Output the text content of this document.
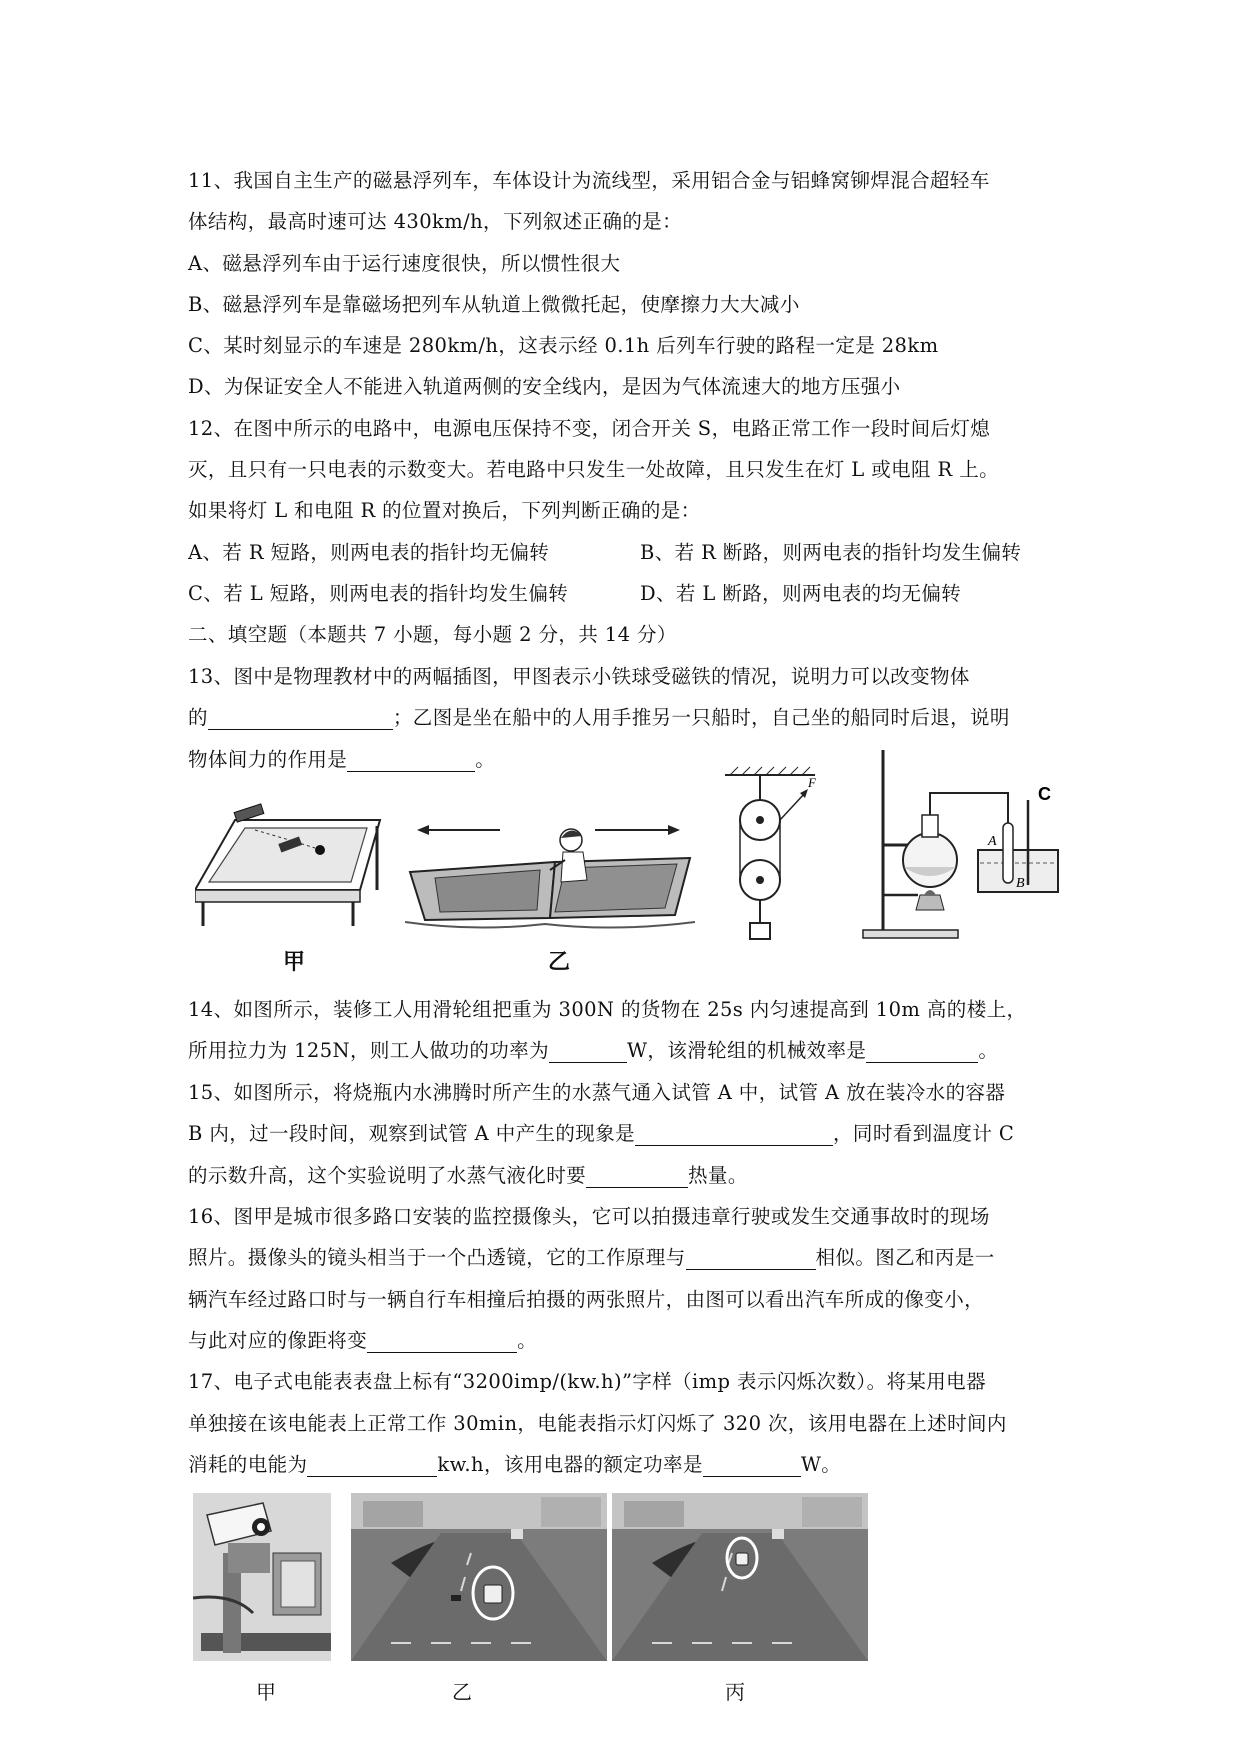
11、我国自主生产的磁悬浮列车，车体设计为流线型，采用铝合金与铝蜂窝铆焊混合超轻车
体结构，最高时速可达 430km/h，下列叙述正确的是：
A、磁悬浮列车由于运行速度很快，所以惯性很大
B、磁悬浮列车是靠磁场把列车从轨道上微微托起，使摩擦力大大减小
C、某时刻显示的车速是 280km/h，这表示经 0.1h 后列车行驶的路程一定是 28km
D、为保证安全人不能进入轨道两侧的安全线内，是因为气体流速大的地方压强小
12、在图中所示的电路中，电源电压保持不变，闭合开关 S，电路正常工作一段时间后灯熄
灭，且只有一只电表的示数变大。若电路中只发生一处故障，且只发生在灯 L 或电阻 R 上。
如果将灯 L 和电阻 R 的位置对换后，下列判断正确的是：
A、若 R 短路，则两电表的指针均无偏转	B、若 R 断路，则两电表的指针均发生偏转
C、若 L 短路，则两电表的指针均发生偏转	D、若 L 断路，则两电表的均无偏转
二、填空题（本题共 7 小题，每小题 2 分，共 14 分）
13、图中是物理教材中的两幅插图，甲图表示小铁球受磁铁的情况，说明力可以改变物体
的	；乙图是坐在船中的人用手推另一只船时，自己坐的船同时后退，说明
物体间力的作用是	。
甲	乙
F
A
B
C
14、如图所示，装修工人用滑轮组把重为 300N 的货物在 25s 内匀速提高到 10m 高的楼上，
所用拉力为 125N，则工人做功的功率为	W，该滑轮组的机械效率是	。
15、如图所示，将烧瓶内水沸腾时所产生的水蒸气通入试管 A 中，试管 A 放在装冷水的容器
B 内，过一段时间，观察到试管 A 中产生的现象是	，同时看到温度计 C
的示数升高，这个实验说明了水蒸气液化时要	热量。
16、图甲是城市很多路口安装的监控摄像头，它可以拍摄违章行驶或发生交通事故时的现场
照片。摄像头的镜头相当于一个凸透镜，它的工作原理与	相似。图乙和丙是一
辆汽车经过路口时与一辆自行车相撞后拍摄的两张照片，由图可以看出汽车所成的像变小，
与此对应的像距将变	。
17、电子式电能表表盘上标有“3200imp/(kw.h)”字样（imp 表示闪烁次数）。将某用电器
单独接在该电能表上正常工作 30min，电能表指示灯闪烁了 320 次，该用电器在上述时间内
消耗的电能为	kw.h，该用电器的额定功率是	W。
甲	乙	丙
